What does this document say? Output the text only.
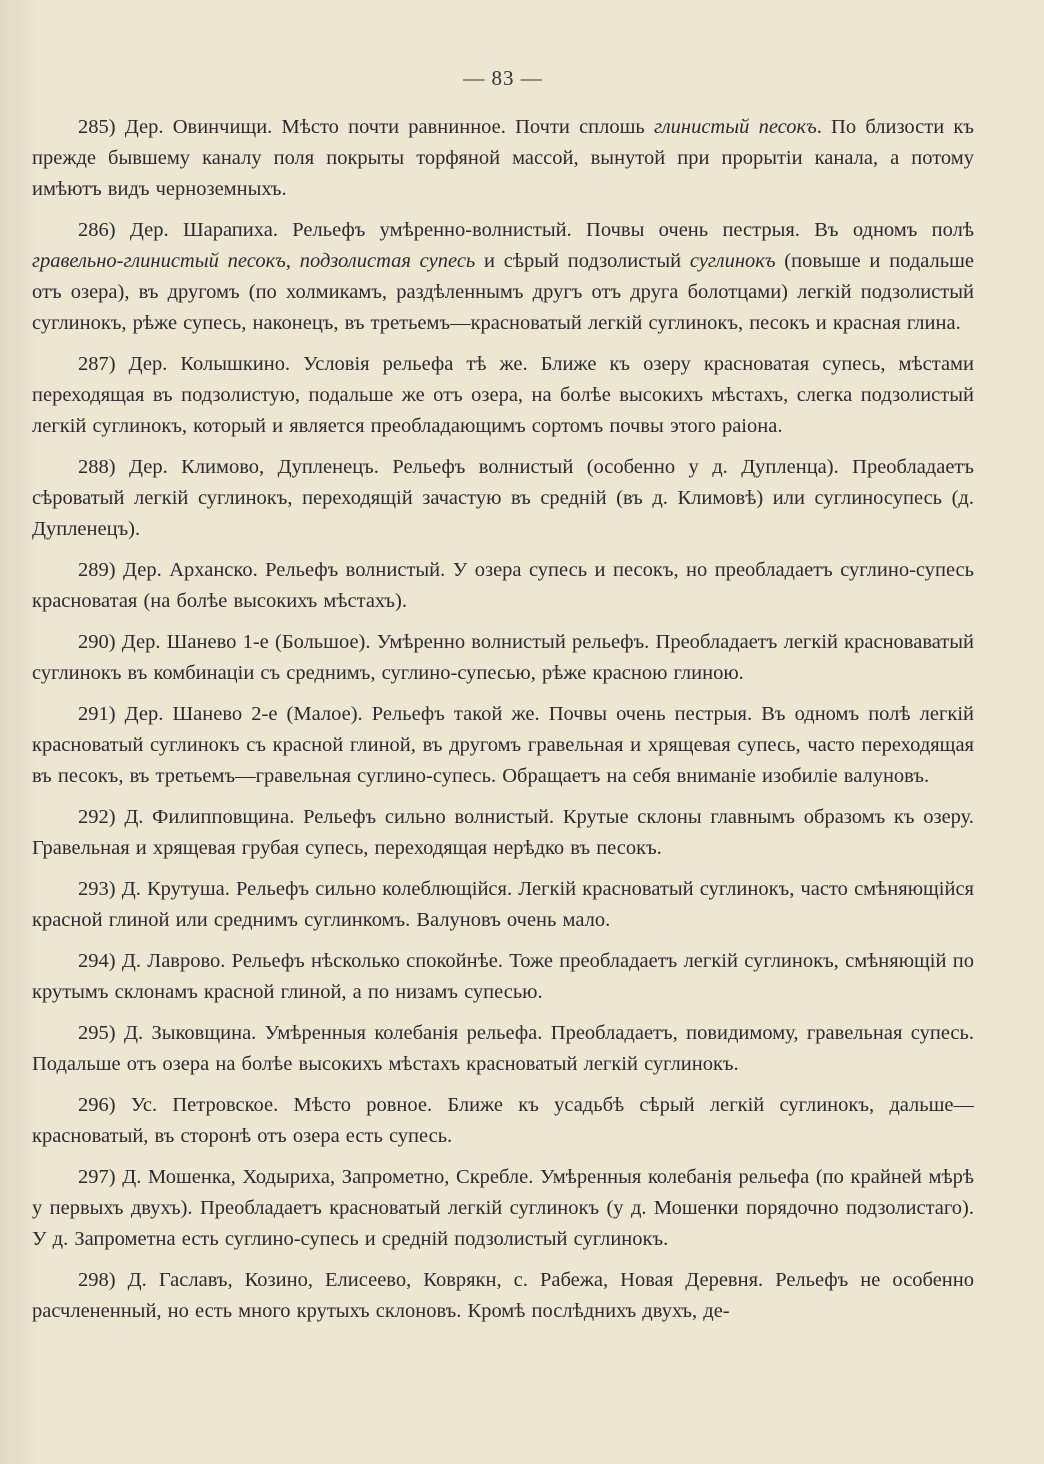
— 83 —

285) Дер. Овинчищи. Мѣсто почти равнинное. Почти сплошь глинистый песокъ. По близости къ прежде бывшему каналу поля покрыты торфяной массой, вынутой при прорытіи канала, а потому имѣютъ видъ черноземныхъ.

286) Дер. Шарапиха. Рельефъ умѣренно-волнистый. Почвы очень пестрыя. Въ одномъ полѣ гравельно-глинистый песокъ, подзолистая супесь и сѣрый подзолистый суглинокъ (повыше и подальше отъ озера), въ другомъ (по холмикамъ, раздѣленнымъ другъ отъ друга болотцами) легкій подзолистый суглинокъ, рѣже супесь, наконецъ, въ третьемъ—красноватый легкій суглинокъ, песокъ и красная глина.

287) Дер. Колышкино. Условія рельефа тѣ же. Ближе къ озеру красноватая супесь, мѣстами переходящая въ подзолистую, подальше же отъ озера, на болѣе высокихъ мѣстахъ, слегка подзолистый легкій суглинокъ, который и является преобладающимъ сортомъ почвы этого раіона.

288) Дер. Климово, Дупленецъ. Рельефъ волнистый (особенно у д. Дупленца). Преобладаетъ сѣроватый легкій суглинокъ, переходящій зачастую въ средній (въ д. Климовѣ) или суглиносупесь (д. Дупленецъ).

289) Дер. Арханско. Рельефъ волнистый. У озера супесь и песокъ, но преобладаетъ суглино-супесь красноватая (на болѣе высокихъ мѣстахъ).

290) Дер. Шанево 1-е (Большое). Умѣренно волнистый рельефъ. Преобладаетъ легкій красноваватый суглинокъ въ комбинаціи съ среднимъ, суглино-супесью, рѣже красною глиною.

291) Дер. Шанево 2-е (Малое). Рельефъ такой же. Почвы очень пестрыя. Въ одномъ полѣ легкій красноватый суглинокъ съ красной глиной, въ другомъ гравельная и хрящевая супесь, часто переходящая въ песокъ, въ третьемъ—гравельная суглино-супесь. Обращаетъ на себя вниманіе изобиліе валуновъ.

292) Д. Филипповщина. Рельефъ сильно волнистый. Крутые склоны главнымъ образомъ къ озеру. Гравельная и хрящевая грубая супесь, переходящая нерѣдко въ песокъ.

293) Д. Крутуша. Рельефъ сильно колеблющійся. Легкій красноватый суглинокъ, часто смѣняющійся красной глиной или среднимъ суглинкомъ. Валуновъ очень мало.

294) Д. Лаврово. Рельефъ нѣсколько спокойнѣе. Тоже преобладаетъ легкій суглинокъ, смѣняющій по крутымъ склонамъ красной глиной, а по низамъ супесью.

295) Д. Зыковщина. Умѣренныя колебанія рельефа. Преобладаетъ, повидимому, гравельная супесь. Подальше отъ озера на болѣе высокихъ мѣстахъ красноватый легкій суглинокъ.

296) Ус. Петровское. Мѣсто ровное. Ближе къ усадьбѣ сѣрый легкій суглинокъ, дальше—красноватый, въ сторонѣ отъ озера есть супесь.

297) Д. Мошенка, Ходыриха, Запрометно, Скребле. Умѣренныя колебанія рельефа (по крайней мѣрѣ у первыхъ двухъ). Преобладаетъ красноватый легкій суглинокъ (у д. Мошенки порядочно подзолистаго). У д. Запрометна есть суглино-супесь и средній подзолистый суглинокъ.

298) Д. Гаславъ, Козино, Елисеево, Коврякн, с. Рабежа, Новая Деревня. Рельефъ не особенно расчлененный, но есть много крутыхъ склоновъ. Кромѣ послѣднихъ двухъ, де-
